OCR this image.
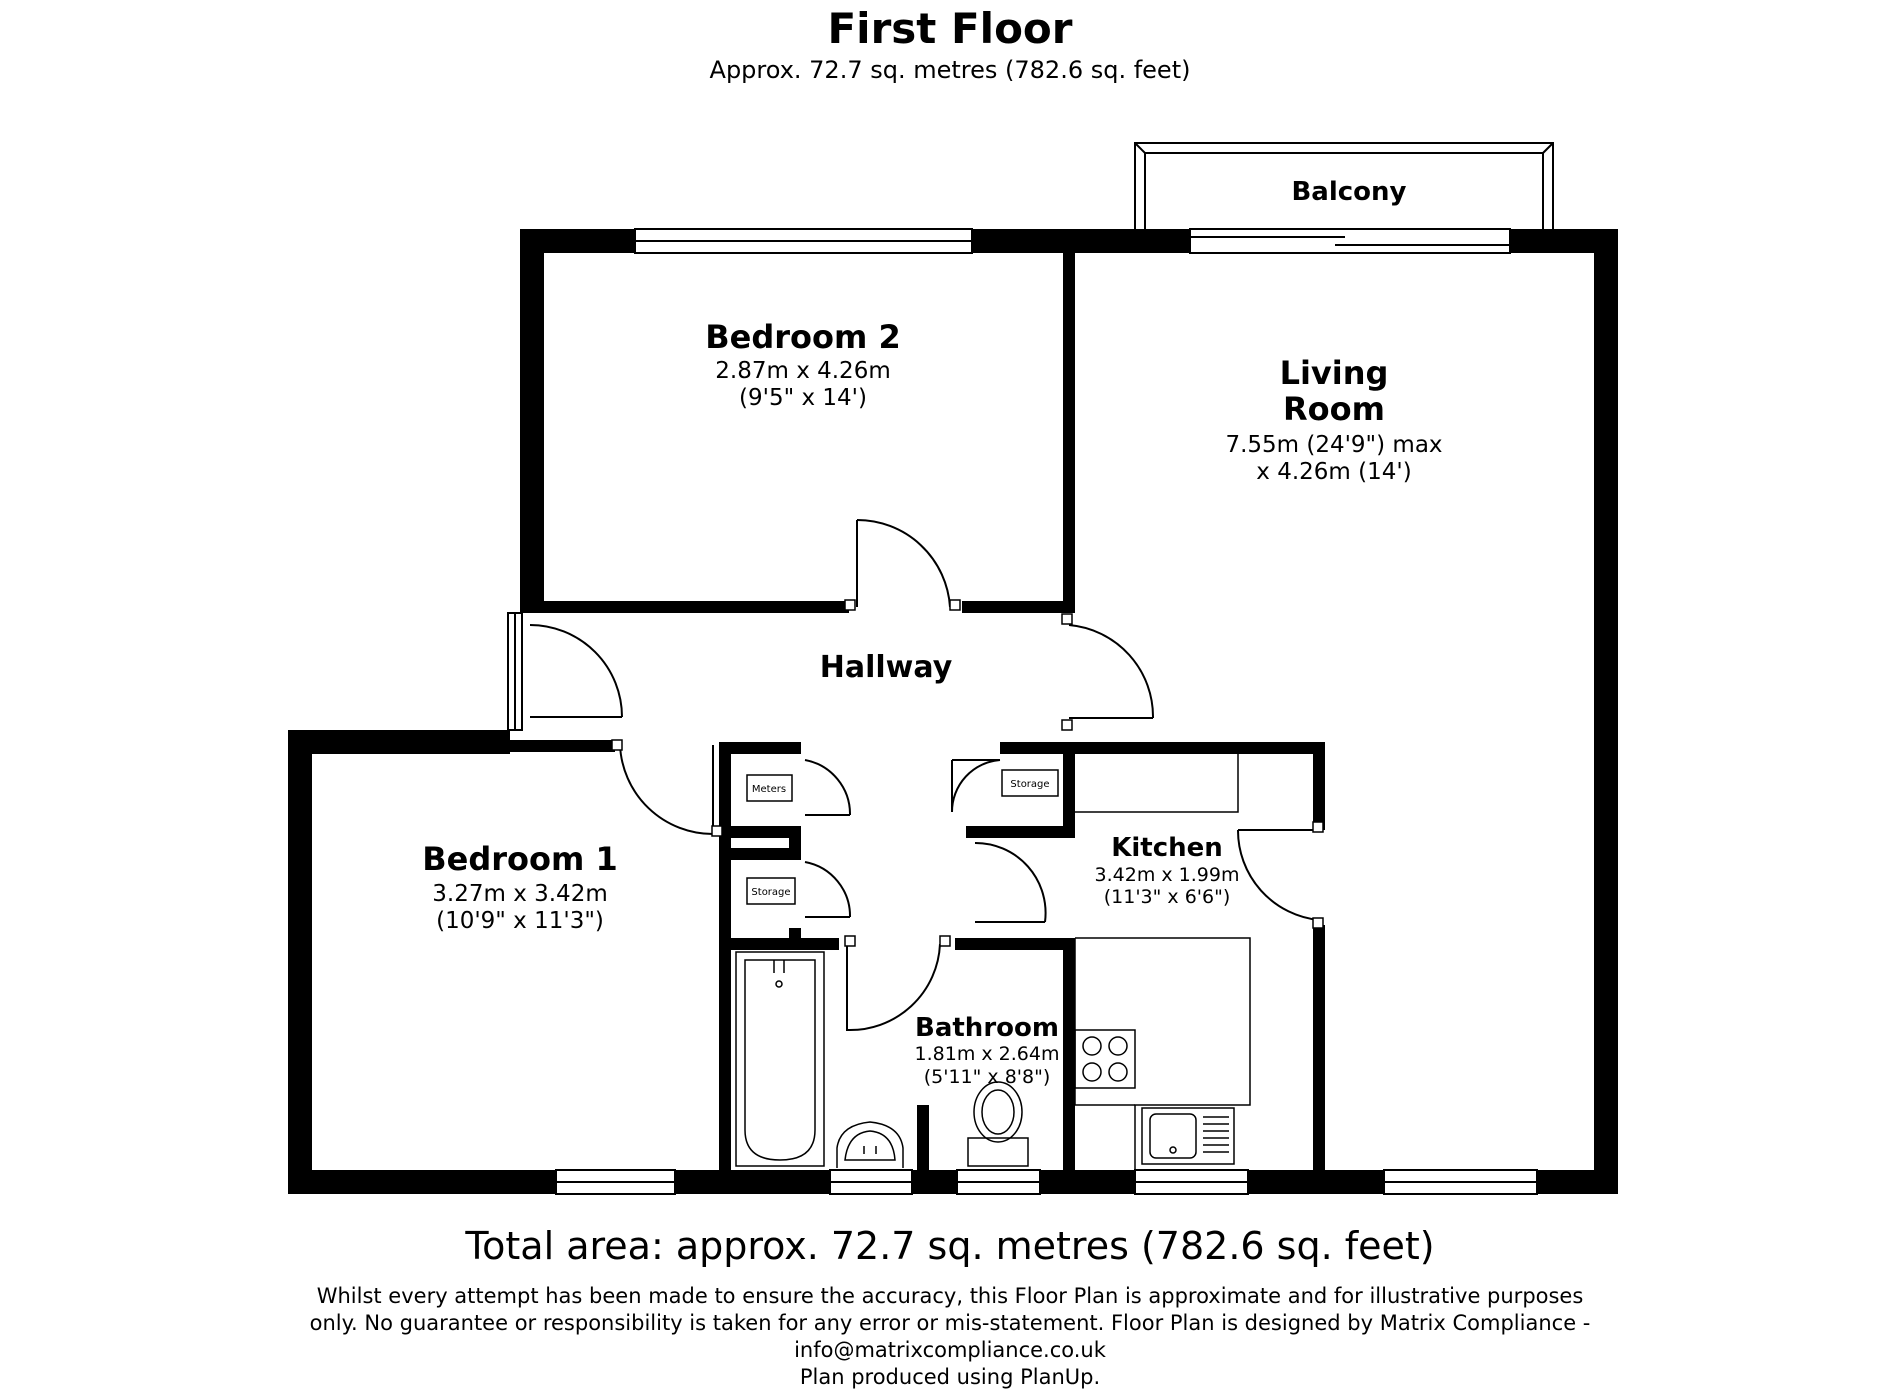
First Floor
Approx. 72.7 sq. metres (782.6 sq. feet)
Balcony
Bedroom 2
2.87m x 4.26m
(9'5" x 14')
Living
Room
7.55m (24'9") max
x 4.26m (14')
Hallway
Bedroom 1
3.27m x 3.42m
(10'9" x 11'3")
Kitchen
3.42m x 1.99m
(11'3" x 6'6")
Bathroom
1.81m x 2.64m
(5'11" x 8'8")
Meters
Storage
Storage
Total area: approx. 72.7 sq. metres (782.6 sq. feet)
Whilst every attempt has been made to ensure the accuracy, this Floor Plan is approximate and for illustrative purposes
only. No guarantee or responsibility is taken for any error or mis-statement. Floor Plan is designed by Matrix Compliance -
info@matrixcompliance.co.uk
Plan produced using PlanUp.
